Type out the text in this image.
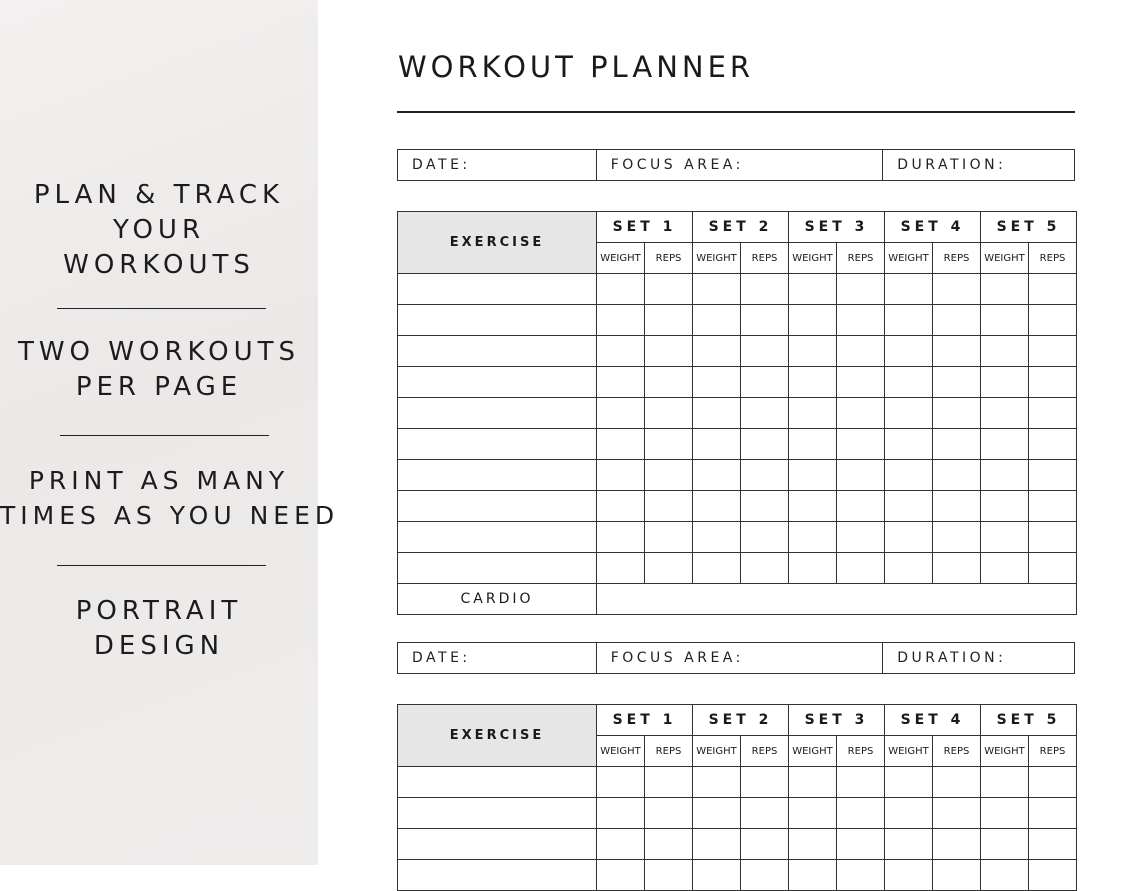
PLAN & TRACK
YOUR
WORKOUTS
TWO WORKOUTS
PER PAGE
PRINT AS MANY
TIMES AS YOU NEED
PORTRAIT
DESIGN
WORKOUT PLANNER
DATE:	FOCUS AREA:	DURATION:
EXERCISE	SET 1		SET 2		SET 3		SET 4		SET 5	
	WEIGHT	REPS	WEIGHT	REPS	WEIGHT	REPS	WEIGHT	REPS	WEIGHT	REPS

CARDIO										
DATE:	FOCUS AREA:	DURATION:
EXERCISE	SET 1		SET 2		SET 3		SET 4		SET 5	
	WEIGHT	REPS	WEIGHT	REPS	WEIGHT	REPS	WEIGHT	REPS	WEIGHT	REPS
